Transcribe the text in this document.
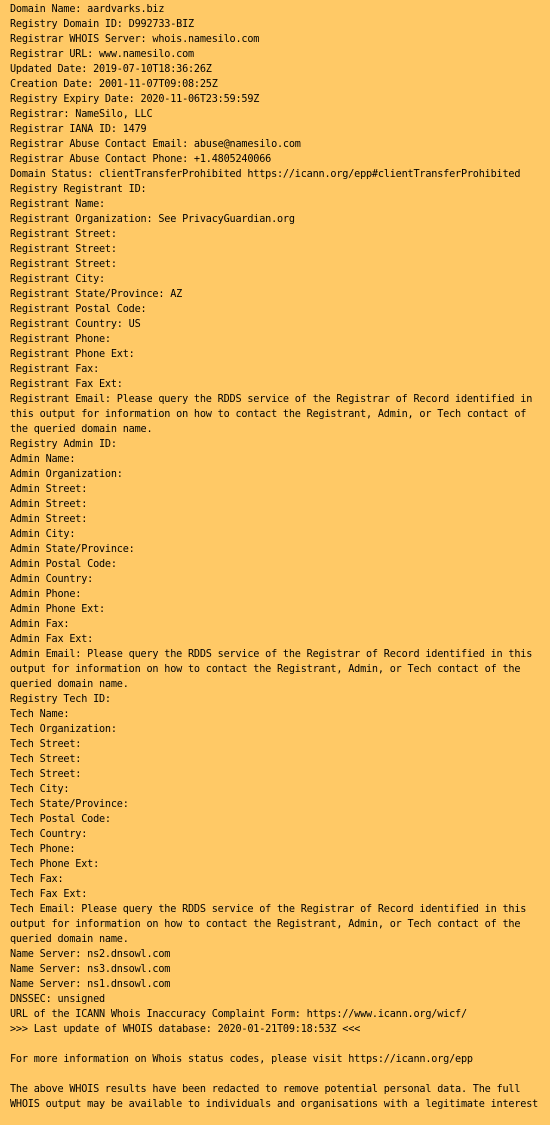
Domain Name: aardvarks.biz
Registry Domain ID: D992733-BIZ
Registrar WHOIS Server: whois.namesilo.com
Registrar URL: www.namesilo.com
Updated Date: 2019-07-10T18:36:26Z
Creation Date: 2001-11-07T09:08:25Z
Registry Expiry Date: 2020-11-06T23:59:59Z
Registrar: NameSilo, LLC
Registrar IANA ID: 1479
Registrar Abuse Contact Email: abuse@namesilo.com
Registrar Abuse Contact Phone: +1.4805240066
Domain Status: clientTransferProhibited https://icann.org/epp#clientTransferProhibited
Registry Registrant ID:
Registrant Name:
Registrant Organization: See PrivacyGuardian.org
Registrant Street:
Registrant Street:
Registrant Street:
Registrant City:
Registrant State/Province: AZ
Registrant Postal Code:
Registrant Country: US
Registrant Phone:
Registrant Phone Ext:
Registrant Fax:
Registrant Fax Ext:
Registrant Email: Please query the RDDS service of the Registrar of Record identified in this output for information on how to contact the Registrant, Admin, or Tech contact of the queried domain name.
Registry Admin ID:
Admin Name:
Admin Organization:
Admin Street:
Admin Street:
Admin Street:
Admin City:
Admin State/Province:
Admin Postal Code:
Admin Country:
Admin Phone:
Admin Phone Ext:
Admin Fax:
Admin Fax Ext:
Admin Email: Please query the RDDS service of the Registrar of Record identified in this output for information on how to contact the Registrant, Admin, or Tech contact of the queried domain name.
Registry Tech ID:
Tech Name:
Tech Organization:
Tech Street:
Tech Street:
Tech Street:
Tech City:
Tech State/Province:
Tech Postal Code:
Tech Country:
Tech Phone:
Tech Phone Ext:
Tech Fax:
Tech Fax Ext:
Tech Email: Please query the RDDS service of the Registrar of Record identified in this output for information on how to contact the Registrant, Admin, or Tech contact of the queried domain name.
Name Server: ns2.dnsowl.com
Name Server: ns3.dnsowl.com
Name Server: ns1.dnsowl.com
DNSSEC: unsigned
URL of the ICANN Whois Inaccuracy Complaint Form: https://www.icann.org/wicf/
>>> Last update of WHOIS database: 2020-01-21T09:18:53Z <<<
For more information on Whois status codes, please visit https://icann.org/epp
The above WHOIS results have been redacted to remove potential personal data. The full WHOIS output may be available to individuals and organisations with a legitimate interest
